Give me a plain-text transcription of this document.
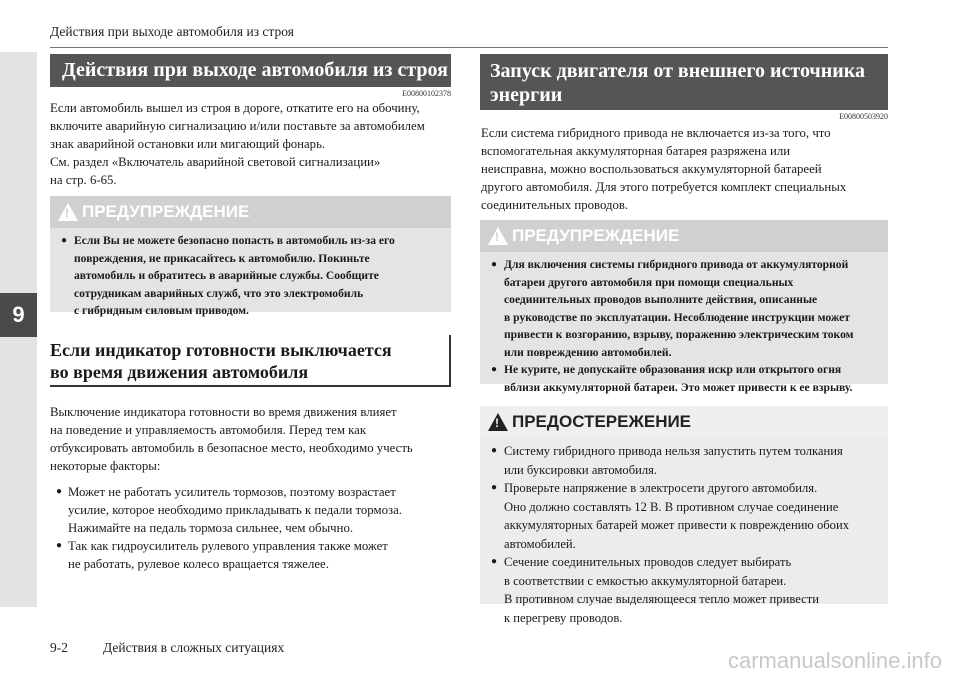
9
Действия при выходе автомобиля из строя
Действия при выходе автомобиля из строя
E00800102378

Если автомобиль вышел из строя в дороге, откатите его на обочину,
включите аварийную сигнализацию и/или поставьте за автомобилем
знак аварийной остановки или мигающий фонарь.
См. раздел «Включатель аварийной световой сигнализации»
на стр. 6-65.

!
ПРЕДУПРЕЖДЕНИЕ
● Если Вы не можете безопасно попасть в автомобиль из-за его
повреждения, не прикасайтесь к автомобилю. Покиньте
автомобиль и обратитесь в аварийные службы. Сообщите
сотрудникам аварийных служб, что это электромобиль
с гибридным силовым приводом.
Если индикатор готовности выключается
во время движения автомобиля

Выключение индикатора готовности во время движения влияет
на поведение и управляемость автомобиля. Перед тем как
отбуксировать автомобиль в безопасное место, необходимо учесть
некоторые факторы:

● Может не работать усилитель тормозов, поэтому возрастает
усилие, которое необходимо прикладывать к педали тормоза.
Нажимайте на педаль тормоза сильнее, чем обычно.
● Так как гидроусилитель рулевого управления также может
не работать, рулевое колесо вращается тяжелее.
Запуск двигателя от внешнего источника
энергии
E00800503920

Если система гибридного привода не включается из-за того, что
вспомогательная аккумуляторная батарея разряжена или
неисправна, можно воспользоваться аккумуляторной батареей
другого автомобиля. Для этого потребуется комплект специальных
соединительных проводов.

!
ПРЕДУПРЕЖДЕНИЕ
● Для включения системы гибридного привода от аккумуляторной
батареи другого автомобиля при помощи специальных
соединительных проводов выполните действия, описанные
в руководстве по эксплуатации. Несоблюдение инструкции может
привести к возгоранию, взрыву, поражению электрическим током
или повреждению автомобилей.
● Не курите, не допускайте образования искр или открытого огня
вблизи аккумуляторной батареи. Это может привести к ее взрыву.
!
ПРЕДОСТЕРЕЖЕНИЕ
● Систему гибридного привода нельзя запустить путем толкания
или буксировки автомобиля.
● Проверьте напряжение в электросети другого автомобиля.
Оно должно составлять 12 В. В противном случае соединение
аккумуляторных батарей может привести к повреждению обоих
автомобилей.
● Сечение соединительных проводов следует выбирать
в соответствии с емкостью аккумуляторной батареи.
В противном случае выделяющееся тепло может привести
к перегреву проводов.
9-2	Действия в сложных ситуациях
carmanualsonline.info
